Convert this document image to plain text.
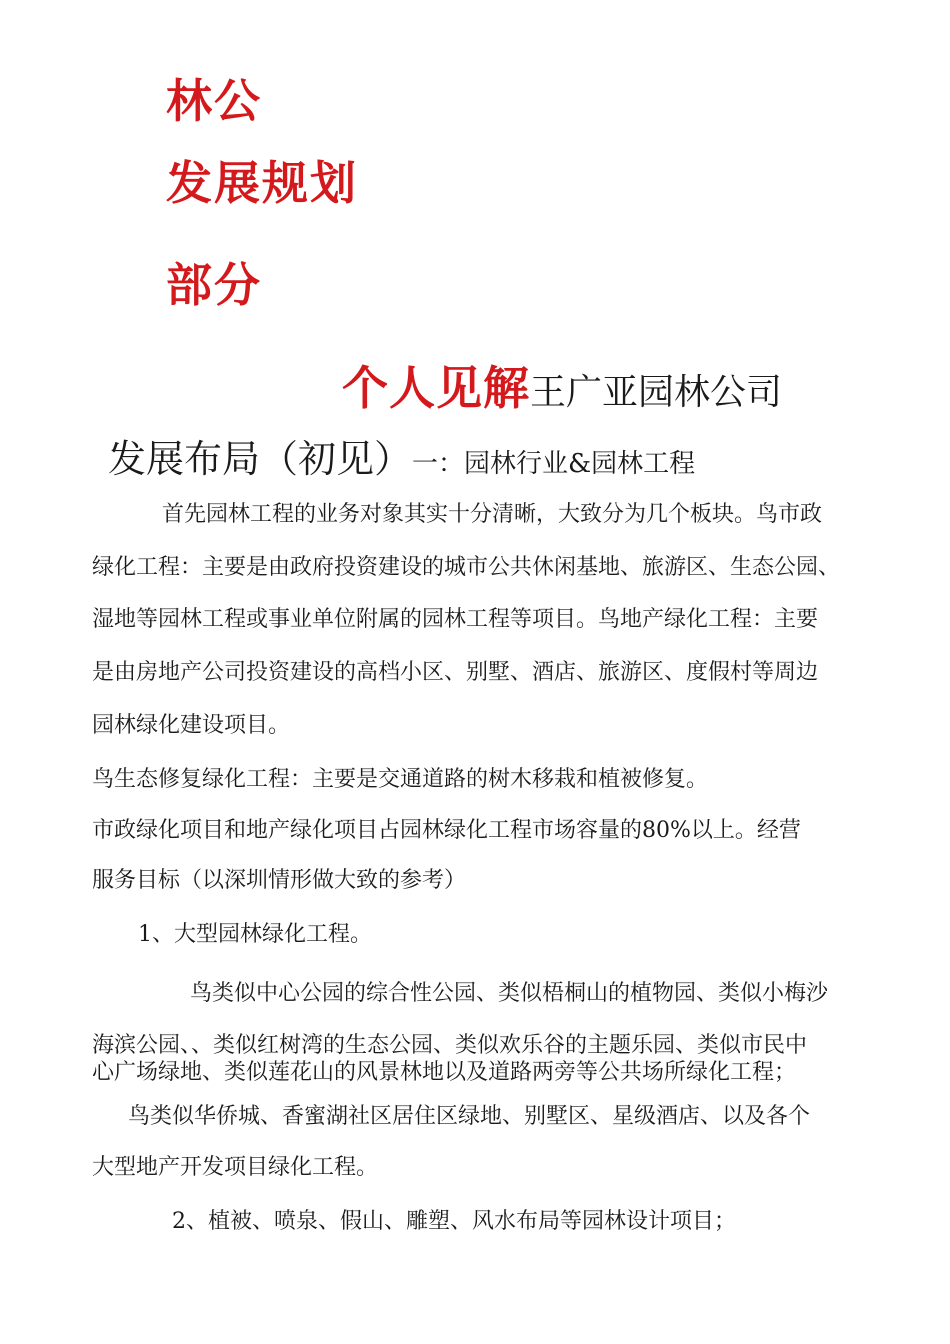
林公
发展规划
部分
个人见解王广亚园林公司
发展布局（初见）一：园林行业&园林工程
首先园林工程的业务对象其实十分清晰，大致分为几个板块。鸟市政
绿化工程：主要是由政府投资建设的城市公共休闲基地、旅游区、生态公园、
湿地等园林工程或事业单位附属的园林工程等项目。鸟地产绿化工程：主要
是由房地产公司投资建设的高档小区、别墅、酒店、旅游区、度假村等周边
园林绿化建设项目。
鸟生态修复绿化工程：主要是交通道路的树木移栽和植被修复。
市政绿化项目和地产绿化项目占园林绿化工程市场容量的80%以上。经营
服务目标（以深圳情形做大致的参考）
1、大型园林绿化工程。
鸟类似中心公园的综合性公园、类似梧桐山的植物园、类似小梅沙
海滨公园、、类似红树湾的生态公园、类似欢乐谷的主题乐园、类似市民中
心广场绿地、类似莲花山的风景林地以及道路两旁等公共场所绿化工程；
鸟类似华侨城、香蜜湖社区居住区绿地、别墅区、星级酒店、以及各个
大型地产开发项目绿化工程。
2、植被、喷泉、假山、雕塑、风水布局等园林设计项目；
